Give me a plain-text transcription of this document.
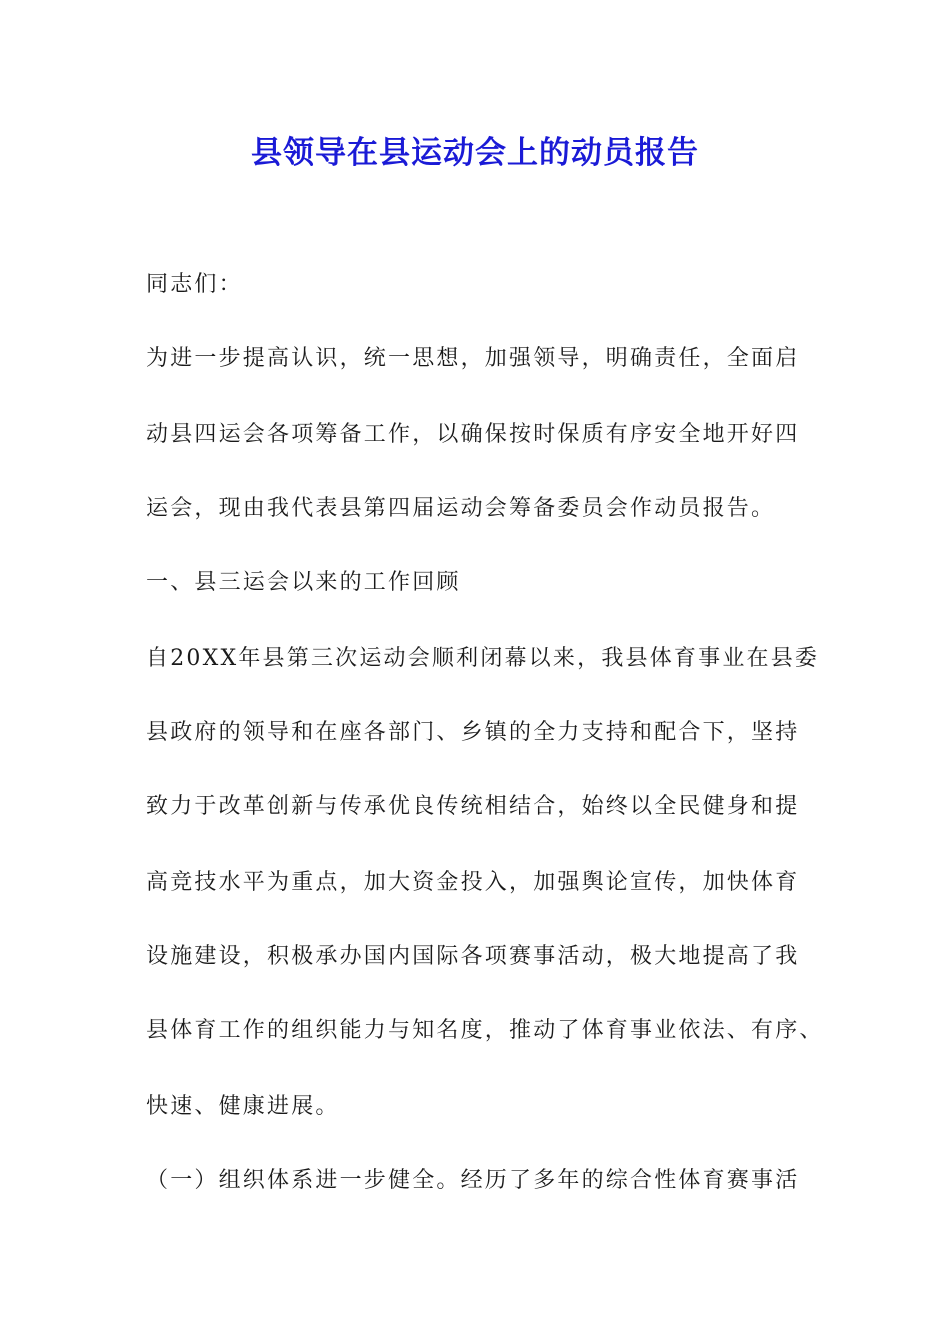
县领导在县运动会上的动员报告
同志们：
为进一步提高认识，统一思想，加强领导，明确责任，全面启
动县四运会各项筹备工作，以确保按时保质有序安全地开好四
运会，现由我代表县第四届运动会筹备委员会作动员报告。
一、县三运会以来的工作回顾
自20XX年县第三次运动会顺利闭幕以来，我县体育事业在县委
县政府的领导和在座各部门、乡镇的全力支持和配合下，坚持
致力于改革创新与传承优良传统相结合，始终以全民健身和提
高竞技水平为重点，加大资金投入，加强舆论宣传，加快体育
设施建设，积极承办国内国际各项赛事活动，极大地提高了我
县体育工作的组织能力与知名度，推动了体育事业依法、有序、
快速、健康进展。
（一）组织体系进一步健全。经历了多年的综合性体育赛事活
